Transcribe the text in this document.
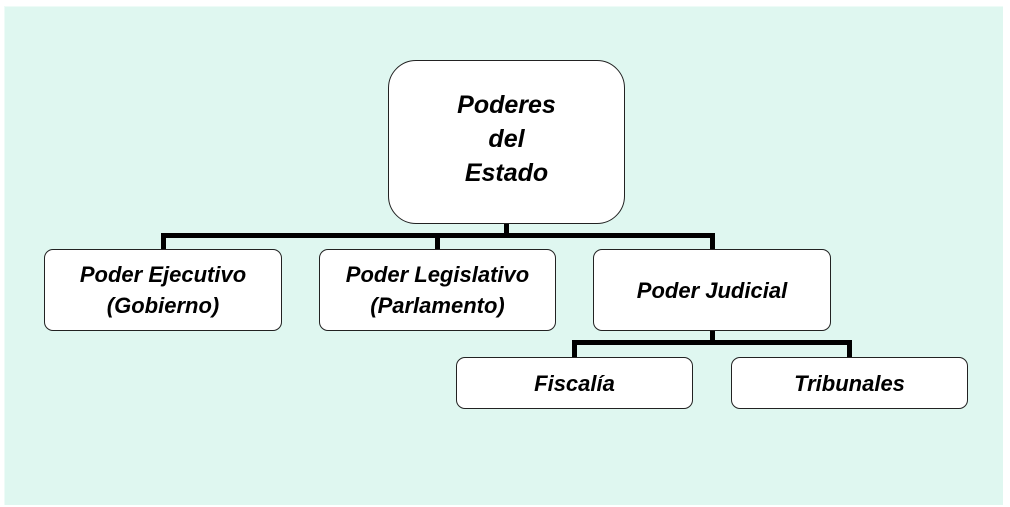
Poderes
del
Estado
Poder Ejecutivo
(Gobierno)
Poder Legislativo
(Parlamento)
Poder Judicial
Fiscalía	Tribunales
